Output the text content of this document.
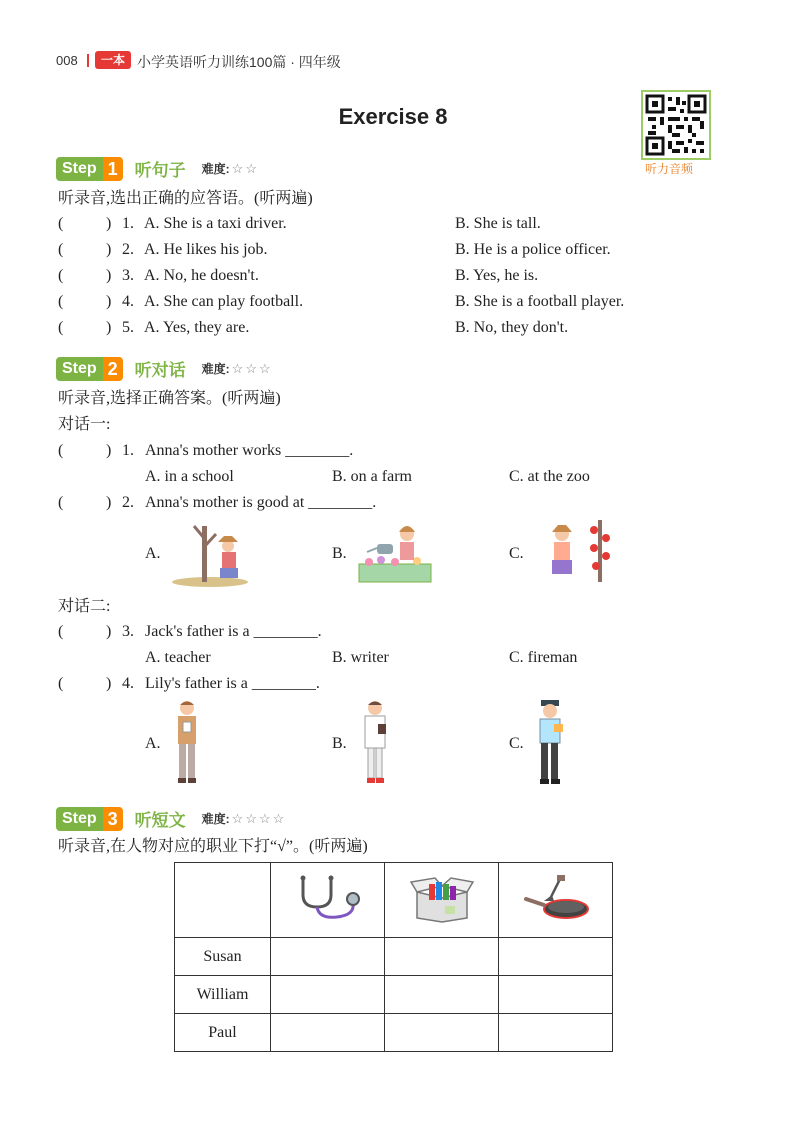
008	一本 小学英语听力训练100篇 · 四年级
Exercise 8
听力音频
Step 1 听句子 难度: ☆☆
听录音,选出正确的应答语。(听两遍)
(	) 1. A. She is a taxi driver.	B. She is tall.
(	) 2. A. He likes his job.	B. He is a police officer.
(	) 3. A. No, he doesn't.	B. Yes, he is.
(	) 4. A. She can play football.	B. She is a football player.
(	) 5. A. Yes, they are.	B. No, they don't.
Step 2 听对话 难度: ☆☆☆
听录音,选择正确答案。(听两遍)
对话一:
(	) 1. Anna's mother works ________.
A. in a school	B. on a farm	C. at the zoo
(	) 2. Anna's mother is good at ________.
A.	B.	C.
对话二:
(	) 3. Jack's father is a ________.
A. teacher	B. writer	C. fireman
(	) 4. Lily's father is a ________.
A.	B.	C.
Step 3 听短文 难度: ☆☆☆☆
听录音,在人物对应的职业下打“√”。(听两遍)

Susan			
William			
Paul			
